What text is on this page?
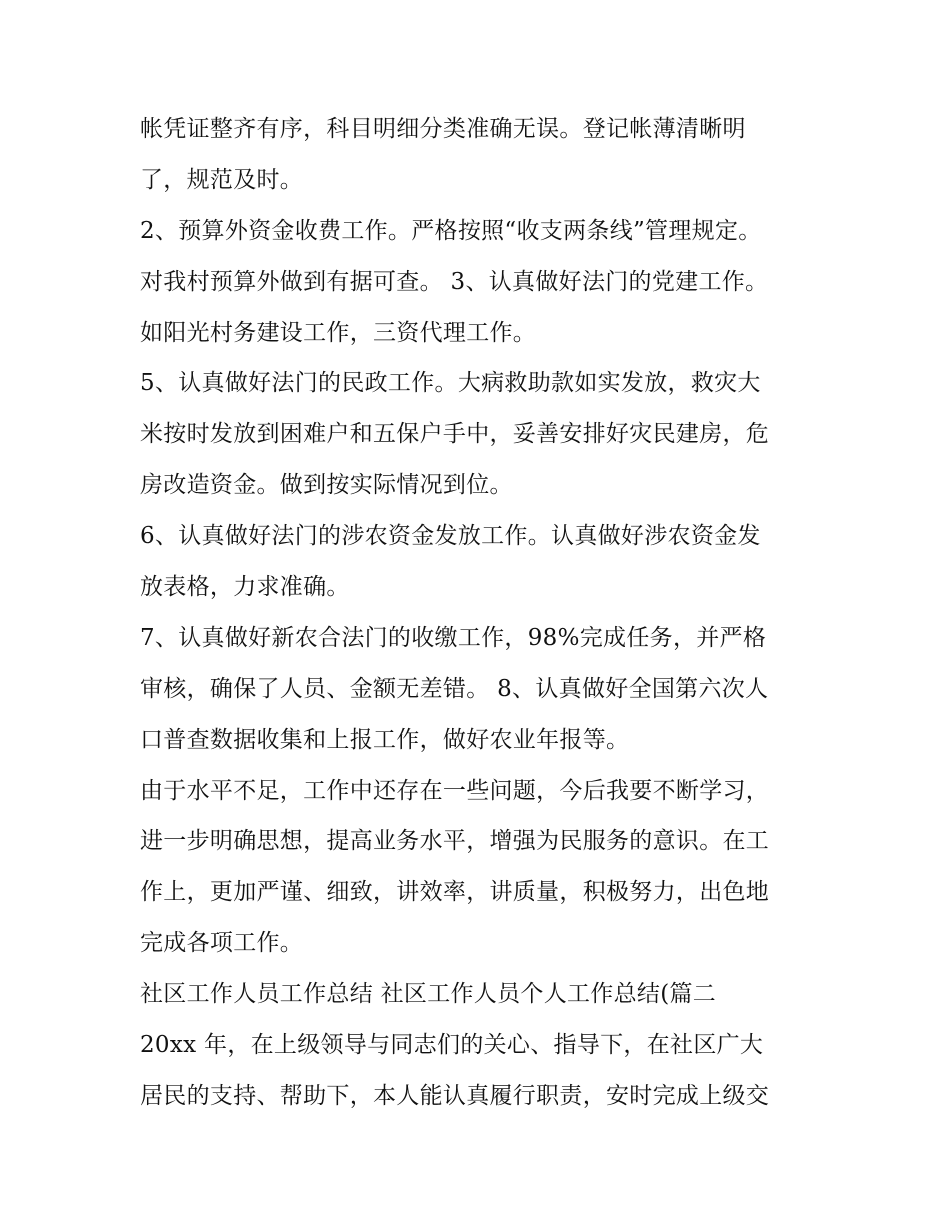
帐凭证整齐有序，科目明细分类准确无误。登记帐薄清晰明
了，规范及时。
2、预算外资金收费工作。严格按照“收支两条线”管理规定。
对我村预算外做到有据可查。 3、认真做好法门的党建工作。
如阳光村务建设工作，三资代理工作。
5、认真做好法门的民政工作。大病救助款如实发放，救灾大
米按时发放到困难户和五保户手中，妥善安排好灾民建房，危
房改造资金。做到按实际情况到位。
6、认真做好法门的涉农资金发放工作。认真做好涉农资金发
放表格，力求准确。
7、认真做好新农合法门的收缴工作，98%完成任务，并严格
审核，确保了人员、金额无差错。 8、认真做好全国第六次人
口普查数据收集和上报工作，做好农业年报等。
由于水平不足，工作中还存在一些问题，今后我要不断学习，
进一步明确思想，提高业务水平，增强为民服务的意识。在工
作上，更加严谨、细致，讲效率，讲质量，积极努力，出色地
完成各项工作。
社区工作人员工作总结 社区工作人员个人工作总结(篇二
20xx 年，在上级领导与同志们的关心、指导下，在社区广大
居民的支持、帮助下，本人能认真履行职责，安时完成上级交
